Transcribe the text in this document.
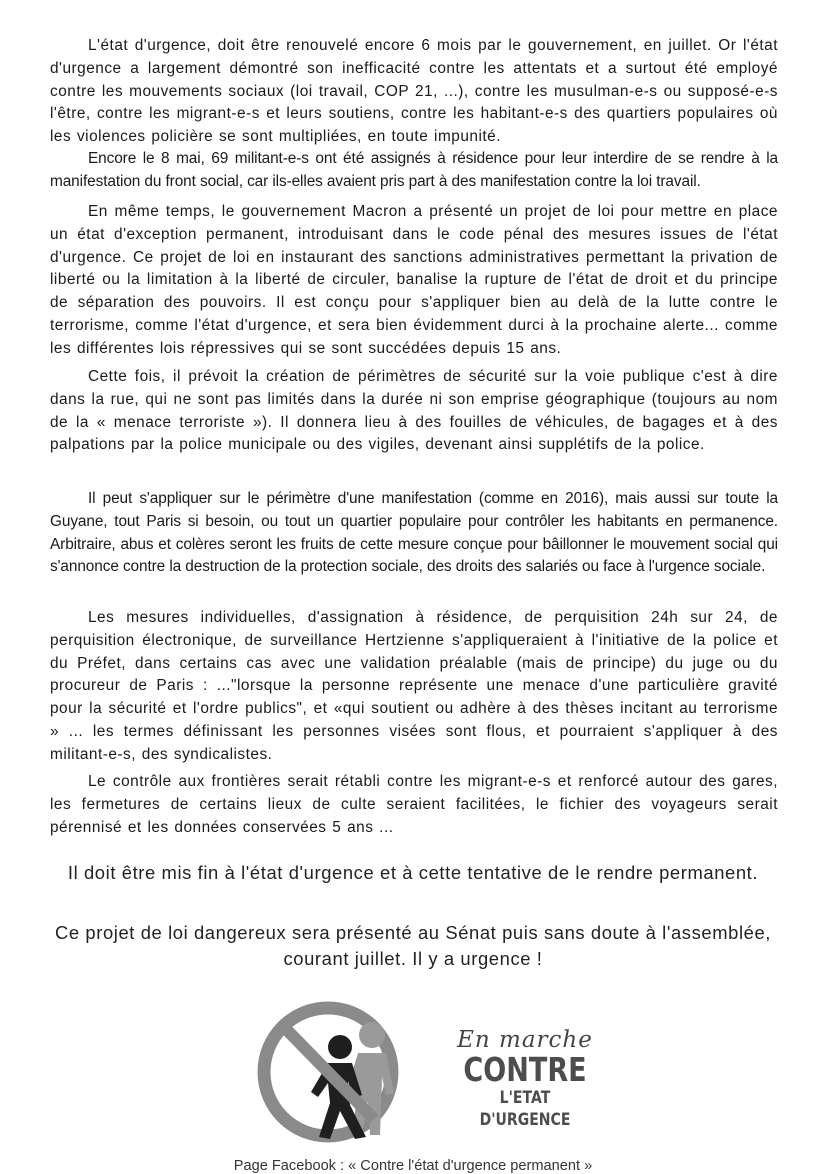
L'état d'urgence, doit être renouvelé encore 6 mois par le gouvernement, en juillet. Or l'état d'urgence a largement démontré son inefficacité contre les attentats et a surtout été employé contre les mouvements sociaux (loi travail, COP 21, ...), contre les musulman-e-s ou supposé-e-s l'être, contre les migrant-e-s et leurs soutiens, contre les habitant-e-s des quartiers populaires où les violences policière se sont multipliées, en toute impunité.

Encore le 8 mai, 69 militant-e-s ont été assignés à résidence pour leur interdire de se rendre à la manifestation du front social, car ils-elles avaient pris part à des manifestation contre la loi travail.

En même temps, le gouvernement Macron a présenté un projet de loi pour mettre en place un état d'exception permanent, introduisant dans le code pénal des mesures issues de l'état d'urgence. Ce projet de loi en instaurant des sanctions administratives permettant la privation de liberté ou la limitation à la liberté de circuler, banalise la rupture de l'état de droit et du principe de séparation des pouvoirs. Il est conçu pour s'appliquer bien au delà de la lutte contre le terrorisme, comme l'état d'urgence, et sera bien évidemment durci à la prochaine alerte... comme les différentes lois répressives qui se sont succédées depuis 15 ans.

Cette fois, il prévoit la création de périmètres de sécurité sur la voie publique c'est à dire dans la rue, qui ne sont pas limités dans la durée ni son emprise géographique (toujours au nom de la « menace terroriste »). Il donnera lieu à des fouilles de véhicules, de bagages et à des palpations par la police municipale ou des vigiles, devenant ainsi supplétifs de la police.

Il peut s'appliquer sur le périmètre d'une manifestation (comme en 2016), mais aussi sur toute la Guyane, tout Paris si besoin, ou tout un quartier populaire pour contrôler les habitants en permanence. Arbitraire, abus et colères seront les fruits de cette mesure conçue pour bâillonner le mouvement social qui s'annonce contre la destruction de la protection sociale, des droits des salariés ou face à l'urgence sociale.

Les mesures individuelles, d'assignation à résidence, de perquisition 24h sur 24, de perquisition électronique, de surveillance Hertzienne s'appliqueraient à l'initiative de la police et du Préfet, dans certains cas avec une validation préalable (mais de principe) du juge ou du procureur de Paris : ..."lorsque la personne représente une menace d'une particulière gravité pour la sécurité et l'ordre publics", et «qui soutient ou adhère à des thèses incitant au terrorisme » ... les termes définissant les personnes visées sont flous, et pourraient s'appliquer à des militant-e-s, des syndicalistes.

Le contrôle aux frontières serait rétabli contre les migrant-e-s et renforcé autour des gares, les fermetures de certains lieux de culte seraient facilitées, le fichier des voyageurs serait pérennisé et les données conservées 5 ans ...

Il doit être mis fin à l'état d'urgence et à cette tentative de le rendre permanent.

Ce projet de loi dangereux sera présenté au Sénat puis sans doute à l'assemblée, courant juillet. Il y a urgence !

En marche
CONTRE
L'ETAT D'URGENCE

Page Facebook : « Contre l'état d'urgence permanent »
